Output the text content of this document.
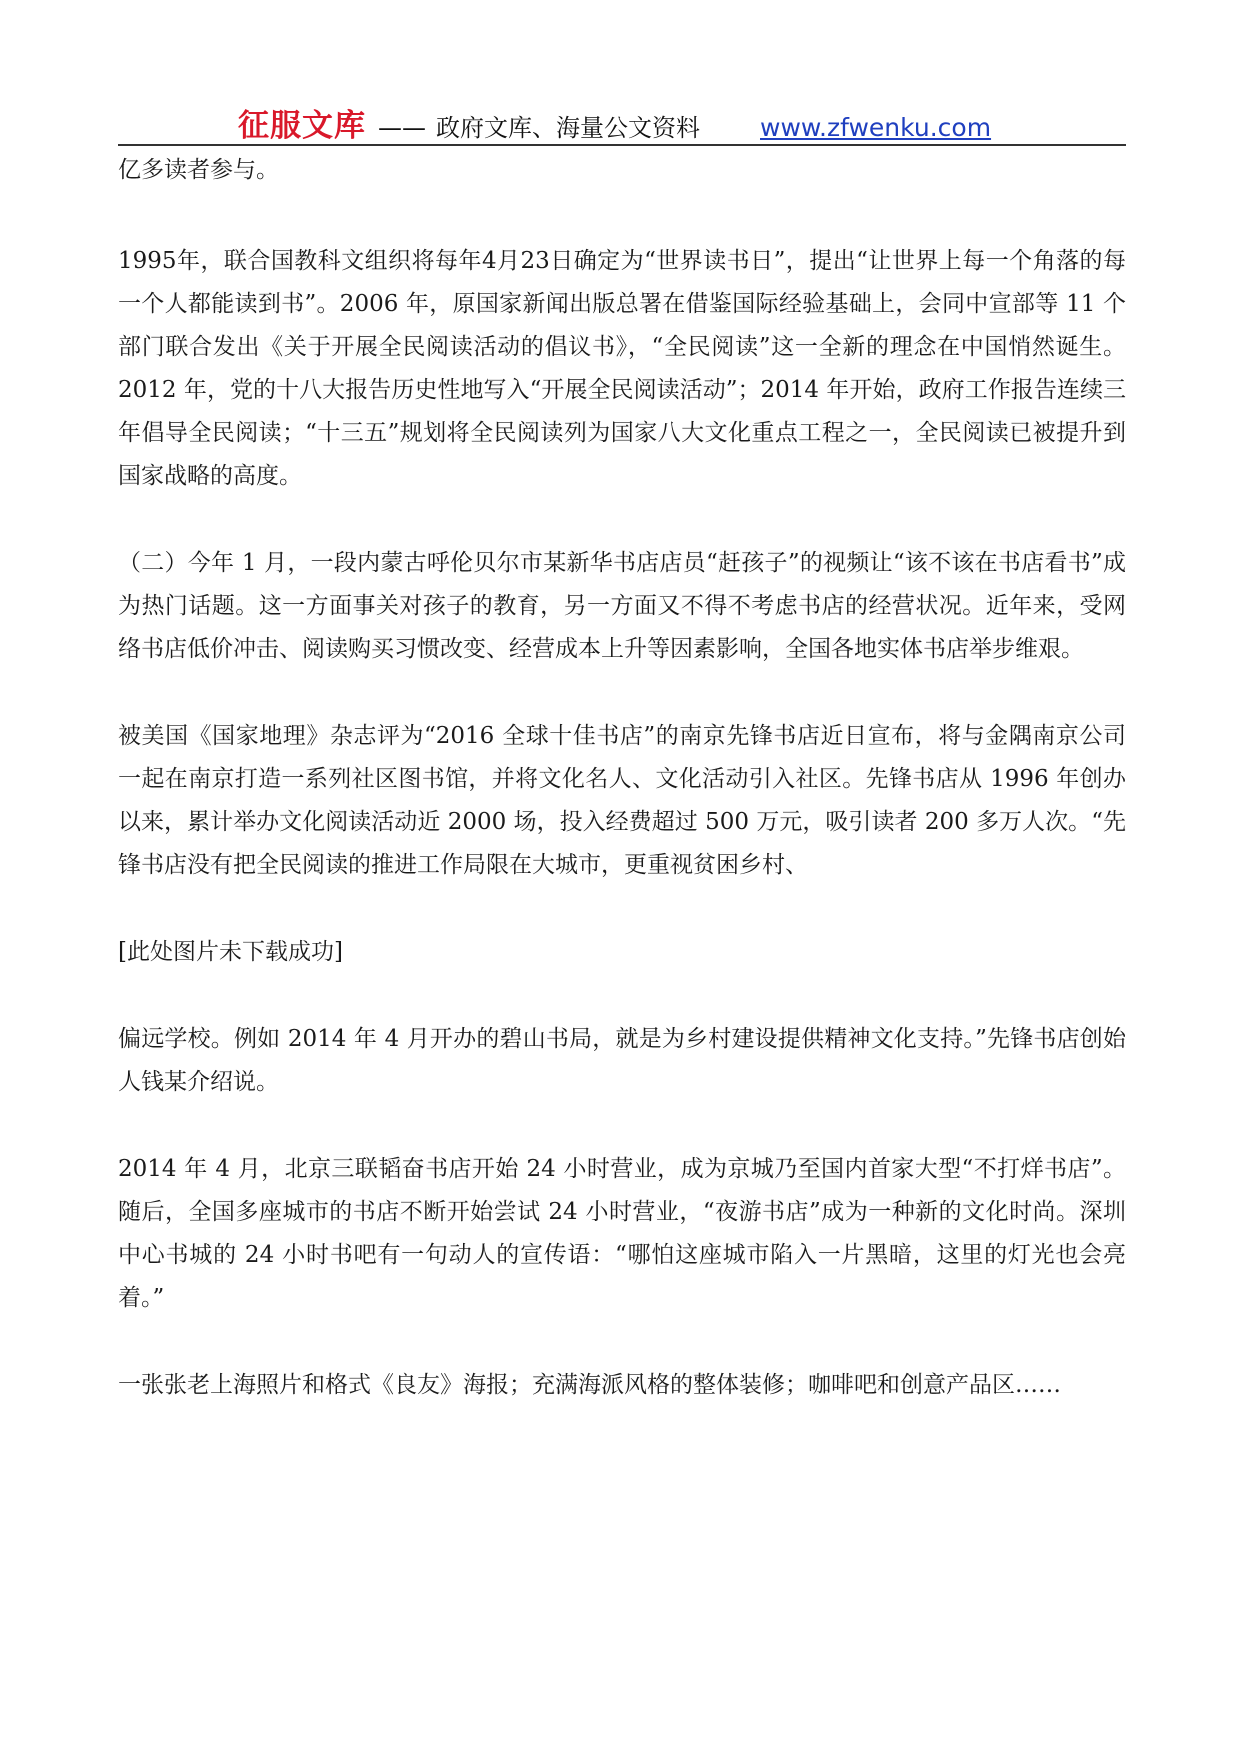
征服文库 —— 政府文库、海量公文资料 www.zfwenku.com

亿多读者参与。

1995年，联合国教科文组织将每年4月23日确定为“世界读书日”，提出“让世界上每一个角落的每一个人都能读到书”。2006 年，原国家新闻出版总署在借鉴国际经验基础上，会同中宣部等 11 个部门联合发出《关于开展全民阅读活动的倡议书》，“全民阅读”这一全新的理念在中国悄然诞生。2012 年，党的十八大报告历史性地写入“开展全民阅读活动”；2014 年开始，政府工作报告连续三年倡导全民阅读；“十三五”规划将全民阅读列为国家八大文化重点工程之一，全民阅读已被提升到国家战略的高度。

（二）今年 1 月，一段内蒙古呼伦贝尔市某新华书店店员“赶孩子”的视频让“该不该在书店看书”成为热门话题。这一方面事关对孩子的教育，另一方面又不得不考虑书店的经营状况。近年来，受网络书店低价冲击、阅读购买习惯改变、经营成本上升等因素影响，全国各地实体书店举步维艰。

被美国《国家地理》杂志评为“2016 全球十佳书店”的南京先锋书店近日宣布，将与金隅南京公司一起在南京打造一系列社区图书馆，并将文化名人、文化活动引入社区。先锋书店从 1996 年创办以来，累计举办文化阅读活动近 2000 场，投入经费超过 500 万元，吸引读者 200 多万人次。“先锋书店没有把全民阅读的推进工作局限在大城市，更重视贫困乡村、

[此处图片未下载成功]

偏远学校。例如 2014 年 4 月开办的碧山书局，就是为乡村建设提供精神文化支持。”先锋书店创始人钱某介绍说。

2014 年 4 月，北京三联韬奋书店开始 24 小时营业，成为京城乃至国内首家大型“不打烊书店”。随后，全国多座城市的书店不断开始尝试 24 小时营业，“夜游书店”成为一种新的文化时尚。深圳中心书城的 24 小时书吧有一句动人的宣传语：“哪怕这座城市陷入一片黑暗，这里的灯光也会亮着。”

一张张老上海照片和格式《良友》海报；充满海派风格的整体装修；咖啡吧和创意产品区……
